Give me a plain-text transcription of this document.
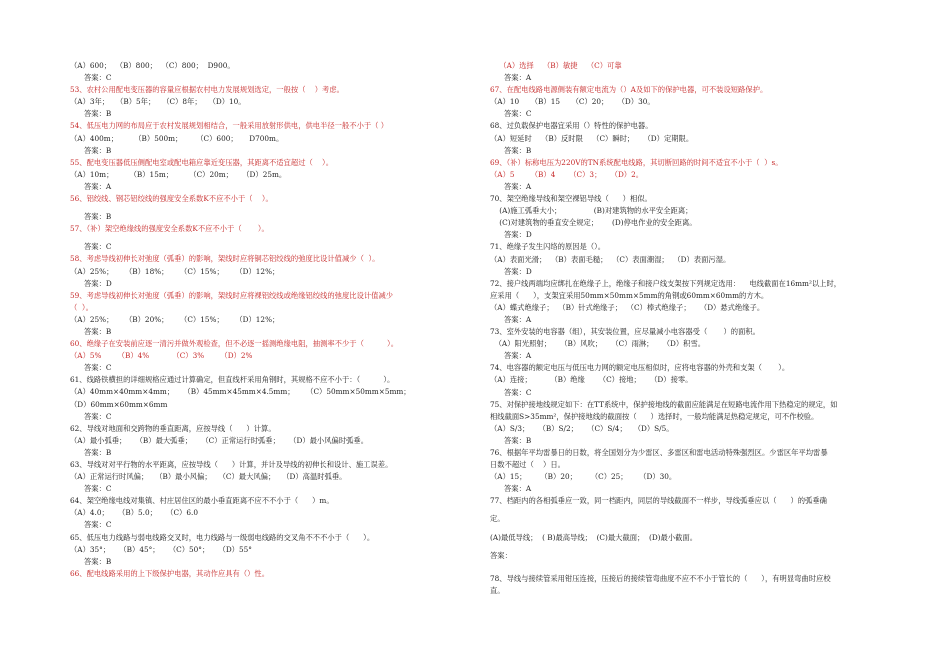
（A）600；  （B）800；  （C）800；  D900。
答案：C
53、农村公用配电变压器的容量应根据农村电力发展规划选定，一般按（    ）考虑。
（A）3年；   （B）5年；   （C）8年；   （D）10。
答案：B
54、低压电力网的布局应于农村发展规划相结合，一般采用放射形供电，供电半径一般不小于（ ）
（A）400m；       （B）500m；      （C）600；     D700m。
答案：B
55、配电变压器低压侧配电室或配电箱应靠近变压器，其距离不适宜超过（    ）。
（A）10m；       （B）15m；       （C）20m；    （D）25m。
答案：A
56、铝绞线、钢芯铝绞线的强度安全系数K不应不小于（    ）。
答案：B
57、（补）架空绝缘线的强度安全系数K不应不小于（       ）。
答案：C
58、考虑导线初伸长对弛度（弧垂）的影响，架线时应将铜芯铝绞线的弛度比设计值减少（  ）。
（A）25%；     （B）18%；     （C）15%；     （D）12%；
答案：D
59、考虑导线初伸长对弛度（弧垂）的影响，架线时应将裸铝绞线或绝缘铝绞线的弛度比设计值减少
（  ）。
（A）25%；     （B）20%；     （C）15%；     （D）12%；
答案：B
60、绝缘子在安装前应逐一清污并做外观检查，但不必逐一摇测绝缘电阻，抽测率不少于（          ）。
（A）5%       （B）4%          （C）3%       （D）2%
答案：C
61、线路铁横担的详细规格应通过计算确定，但直线杆采用角钢时，其规格不应不小于：（          ）。
（A）40mm×40mm×4mm；    （B）45mm×45mm×4.5mm；     （C）50mm×50mm×5mm；
（D）60mm×60mm×6mm
答案：C
62、导线对地面和交跨物的垂直距离，应按导线（      ）计算。
（A）最小弧垂；    （B）最大弧垂；    （C）正常运行时弧垂；    （D）最小风偏时弧垂。
答案：B
63、导线对对平行物的水平距离，应按导线（      ）计算，并计及导线的初伸长和设计、施工误差。
（A）正常运行时风偏；   （B）最小风偏；   （C）最大风偏；   （D）高温时弧垂。
答案：C
64、架空绝缘电线对集镇、村庄居住区的最小垂直距离不应不不小于（      ）m。
（A）4.0；    （B）5.0；    （C）6.0
答案：C
65、低压电力线路与弱电线路交叉时，电力线路与一级弱电线路的交叉角不不不小于（      ）。
（A）35°；    （B）45°；    （C）50°；    （D）55°
答案：B
66、配电线路采用的上下级保护电器，其动作应具有（）性。
（A）选择    （B）敏捷    （C）可靠
答案：A
67、在配电线路电源侧装有额定电流为（）A及如下的保护电器，可不装设短路保护。
（A）10     （B）15     （C）20；    （D）30。
答案：C
68、过负载保护电器宜采用（）特性的保护电器。
（A）短延时    （B）反时限    （C）瞬时；    （D）定期限。
答案：B
69、（补）标称电压为220V的TN系统配电线路，其切断回路的时间不适宜不小于（  ）s。
（A）5       （B）4      （C）3；    （D）2。
答案：A
70、架空绝缘导线和架空裸铝导线（      ）相似。
(A)施工弧垂大小；              (B)对建筑物的水平安全距离；
(C)对建筑物的垂直安全规定；      (D)停电作业的安全距离。
答案：D
71、绝缘子发生闪络的原因是（）。
（A）表面光滑；  （B）表面毛糙；  （C）表面潮湿；  （D）表面污湿。
答案：D
72、接户线两端均应绑扎在绝缘子上，绝缘子和接户线支架按下列规定选用：    电线截面在16mm²以上时，
应采用（      ），支架宜采用50mm×50mm×5mm的角钢或60mm×60mm的方木。
（A）蝶式绝缘子；  （B）针式绝缘子；  （C）棒式绝缘子；    （D）悬式绝缘子。
答案：A
73、室外安装的电容器（组），其安装位置，应尽量减小电容器受（       ）的面积。
（A）阳光照射；    （B）风吹；    （C）雨淋；    （D）积雪。
答案：A
74、电容器的额定电压与低压电力网的额定电压相似时，应将电容器的外壳和支架（       ）。
（A）连接；        （B）绝缘      （C）接地；    （D）接零。
答案：C
75、对保护接地线规定如下：在TT系统中，保护接地线的截面应能满足在短路电流作用下热稳定的规定，如
相线截面S>35mm²，保护接地线的截面按（      ）选择时，一般均能满足热稳定规定，可不作校验。
（A）S/3；    （B）S/2；    （C）S/4；   （D）S/5。
答案：B
76、根据年平均雷暴日的日数，将全国划分为少雷区、多雷区和雷电活动特殊强烈区。少雷区年平均雷暴
日数不超过（    ）日。
（A）15；      （B）20；      （C）25；     （D）30。
答案：A
77、档距内的各相弧垂应一致，同一档距内，同层的导线截面不一样步，导线弧垂应以（      ）的弧垂确
定。
(A)最低导线；  ( B)最高导线；  (C)最大截面；  (D)最小截面。
答案：
78、导线与接续管采用钳压连接，压接后的接续管弯曲度不应不不小于管长的（      ），有明显弯曲时应校
直。
